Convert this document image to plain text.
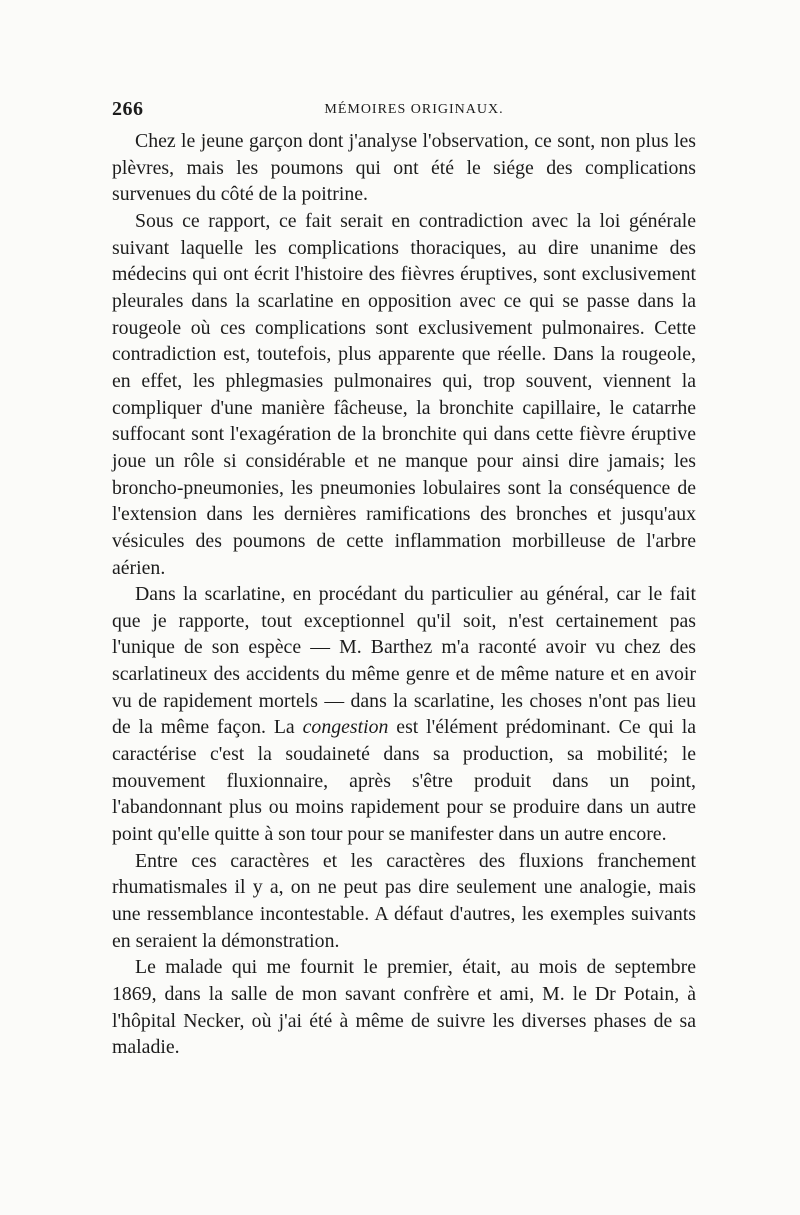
266	MÉMOIRES ORIGINAUX.

Chez le jeune garçon dont j'analyse l'observation, ce sont, non plus les plèvres, mais les poumons qui ont été le siége des complications survenues du côté de la poitrine.

Sous ce rapport, ce fait serait en contradiction avec la loi générale suivant laquelle les complications thoraciques, au dire unanime des médecins qui ont écrit l'histoire des fièvres éruptives, sont exclusivement pleurales dans la scarlatine en opposition avec ce qui se passe dans la rougeole où ces complications sont exclusivement pulmonaires. Cette contradiction est, toutefois, plus apparente que réelle. Dans la rougeole, en effet, les phlegmasies pulmonaires qui, trop souvent, viennent la compliquer d'une manière fâcheuse, la bronchite capillaire, le catarrhe suffocant sont l'exagération de la bronchite qui dans cette fièvre éruptive joue un rôle si considérable et ne manque pour ainsi dire jamais; les broncho-pneumonies, les pneumonies lobulaires sont la conséquence de l'extension dans les dernières ramifications des bronches et jusqu'aux vésicules des poumons de cette inflammation morbilleuse de l'arbre aérien.

Dans la scarlatine, en procédant du particulier au général, car le fait que je rapporte, tout exceptionnel qu'il soit, n'est certainement pas l'unique de son espèce — M. Barthez m'a raconté avoir vu chez des scarlatineux des accidents du même genre et de même nature et en avoir vu de rapidement mortels — dans la scarlatine, les choses n'ont pas lieu de la même façon. La congestion est l'élément prédominant. Ce qui la caractérise c'est la soudaineté dans sa production, sa mobilité; le mouvement fluxionnaire, après s'être produit dans un point, l'abandonnant plus ou moins rapidement pour se produire dans un autre point qu'elle quitte à son tour pour se manifester dans un autre encore.

Entre ces caractères et les caractères des fluxions franchement rhumatismales il y a, on ne peut pas dire seulement une analogie, mais une ressemblance incontestable. A défaut d'autres, les exemples suivants en seraient la démonstration.

Le malade qui me fournit le premier, était, au mois de septembre 1869, dans la salle de mon savant confrère et ami, M. le Dr Potain, à l'hôpital Necker, où j'ai été à même de suivre les diverses phases de sa maladie.
